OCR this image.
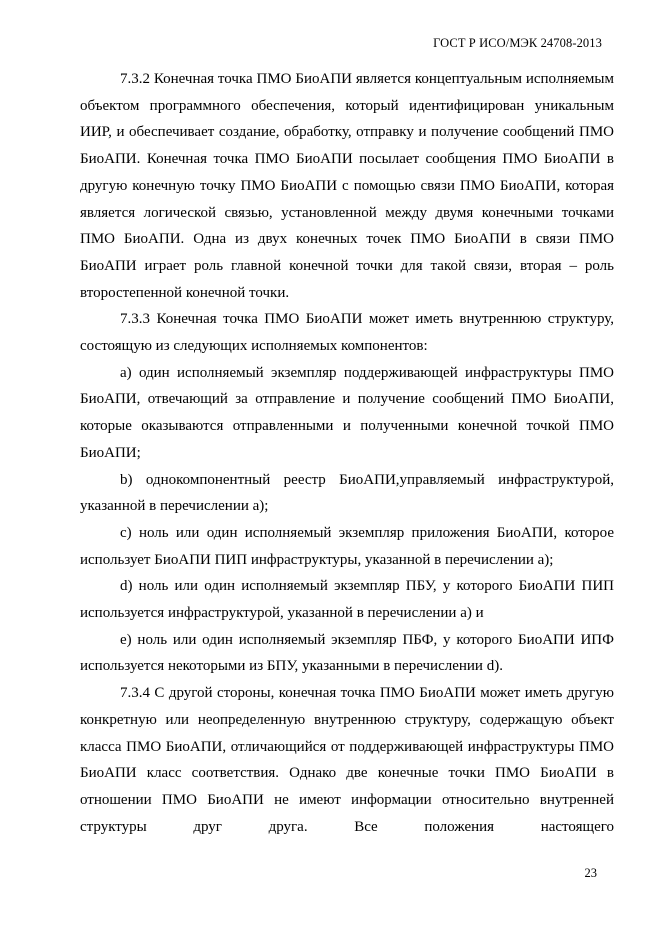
ГОСТ Р ИСО/МЭК 24708-2013

7.3.2 Конечная точка ПМО БиоАПИ является концептуальным исполняемым объектом программного обеспечения, который идентифицирован уникальным ИИР, и обеспечивает создание, обработку, отправку и получение сообщений ПМО БиоАПИ. Конечная точка ПМО БиоАПИ посылает сообщения ПМО БиоАПИ в другую конечную точку ПМО БиоАПИ с помощью связи ПМО БиоАПИ, которая является логической связью, установленной между двумя конечными точками ПМО БиоАПИ. Одна из двух конечных точек ПМО БиоАПИ в связи ПМО БиоАПИ играет роль главной конечной точки для такой связи, вторая – роль второстепенной конечной точки.

7.3.3 Конечная точка ПМО БиоАПИ может иметь внутреннюю структуру, состоящую из следующих исполняемых компонентов:

a) один исполняемый экземпляр поддерживающей инфраструктуры ПМО БиоАПИ, отвечающий за отправление и получение сообщений ПМО БиоАПИ, которые оказываются отправленными и полученными конечной точкой ПМО БиоАПИ;

b) однокомпонентный реестр БиоАПИ,управляемый инфраструктурой, указанной в перечислении а);

c) ноль или один исполняемый экземпляр приложения БиоАПИ, которое использует БиоАПИ ПИП инфраструктуры, указанной в перечислении а);

d) ноль или один исполняемый экземпляр ПБУ, у которого БиоАПИ ПИП используется инфраструктурой, указанной в перечислении а) и

e) ноль или один исполняемый экземпляр ПБФ, у которого БиоАПИ ИПФ используется некоторыми из БПУ, указанными в перечислении d).

7.3.4 С другой стороны, конечная точка ПМО БиоАПИ может иметь другую конкретную или неопределенную внутреннюю структуру, содержащую объект класса ПМО БиоАПИ, отличающийся от поддерживающей инфраструктуры ПМО БиоАПИ класс соответствия. Однако две конечные точки ПМО БиоАПИ в отношении ПМО БиоАПИ не имеют информации относительно внутренней структуры друг друга. Все положения настоящего

23
